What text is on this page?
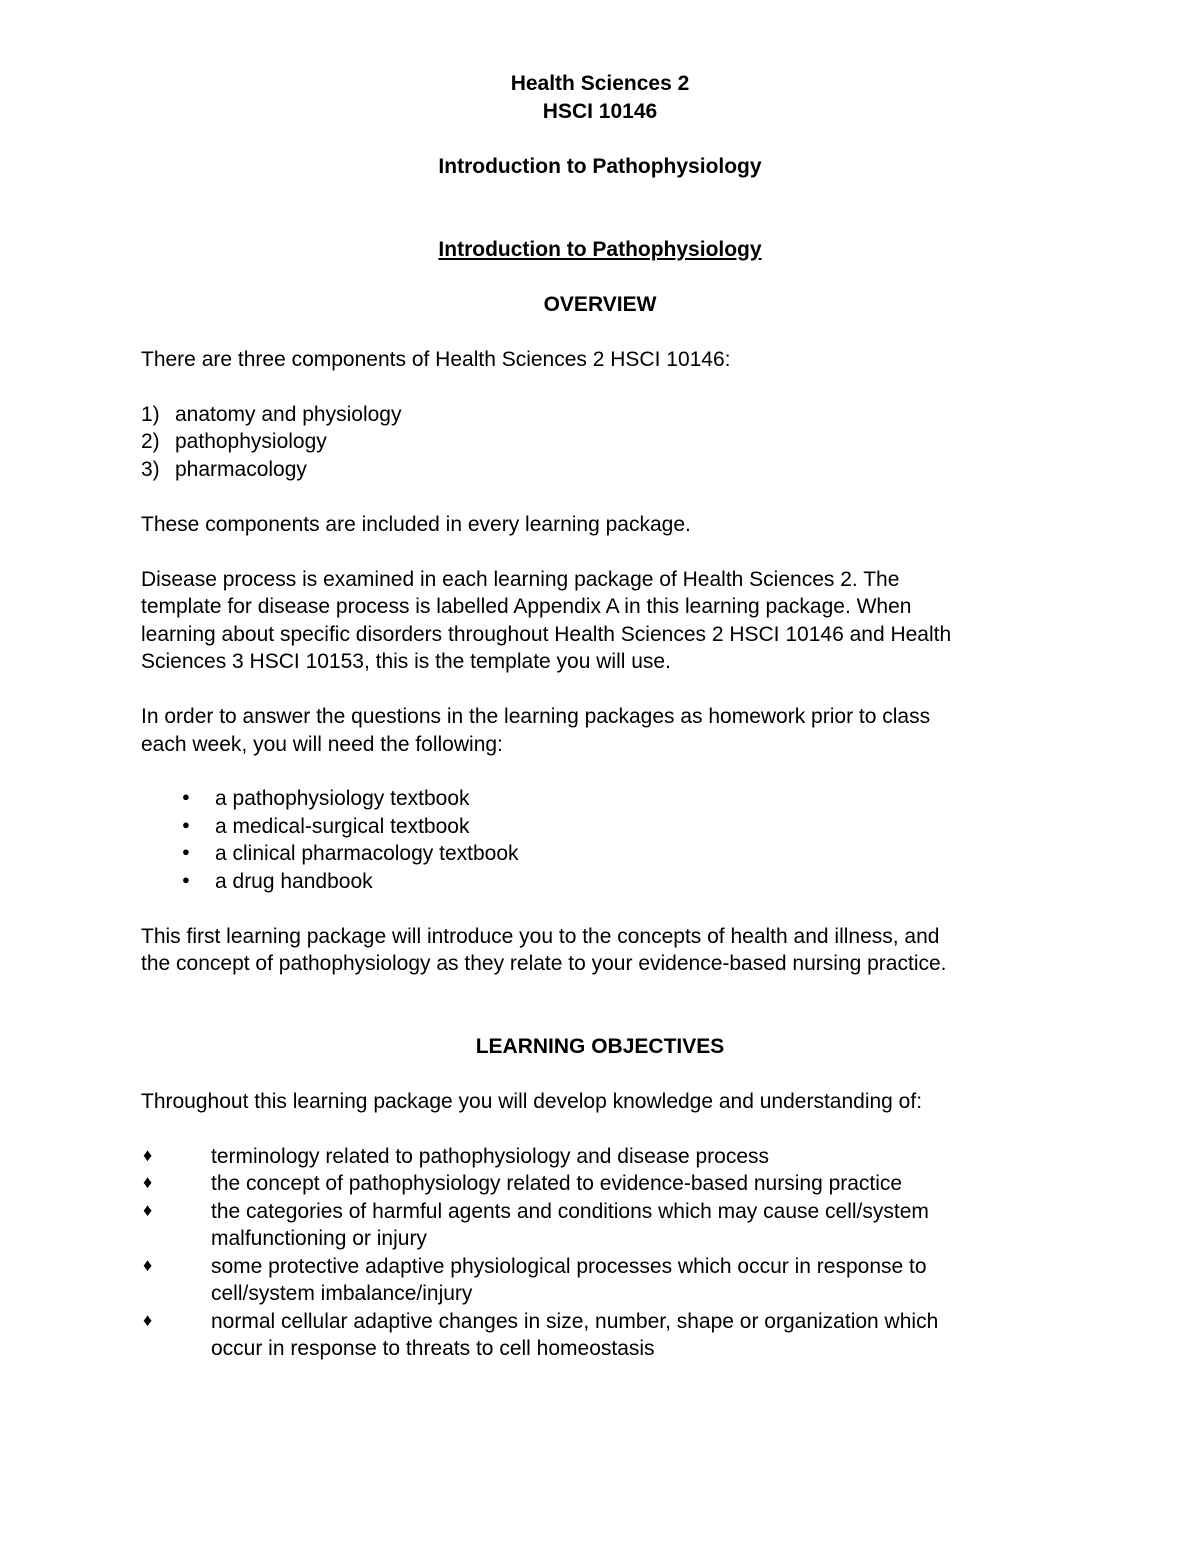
Health Sciences 2
HSCI 10146
Introduction to Pathophysiology
Introduction to Pathophysiology
OVERVIEW
There are three components of Health Sciences 2 HSCI 10146:
1) anatomy and physiology
2) pathophysiology
3) pharmacology
These components are included in every learning package.
Disease process is examined in each learning package of Health Sciences 2. The
template for disease process is labelled Appendix A in this learning package. When
learning about specific disorders throughout Health Sciences 2 HSCI 10146 and Health
Sciences 3 HSCI 10153, this is the template you will use.
In order to answer the questions in the learning packages as homework prior to class
each week, you will need the following:
● a pathophysiology textbook
● a medical-surgical textbook
● a clinical pharmacology textbook
● a drug handbook
This first learning package will introduce you to the concepts of health and illness, and
the concept of pathophysiology as they relate to your evidence-based nursing practice.
LEARNING OBJECTIVES
Throughout this learning package you will develop knowledge and understanding of:
♦	terminology related to pathophysiology and disease process
♦	the concept of pathophysiology related to evidence-based nursing practice
♦	the categories of harmful agents and conditions which may cause cell/system
malfunctioning or injury
♦	some protective adaptive physiological processes which occur in response to
cell/system imbalance/injury
♦	normal cellular adaptive changes in size, number, shape or organization which
occur in response to threats to cell homeostasis
